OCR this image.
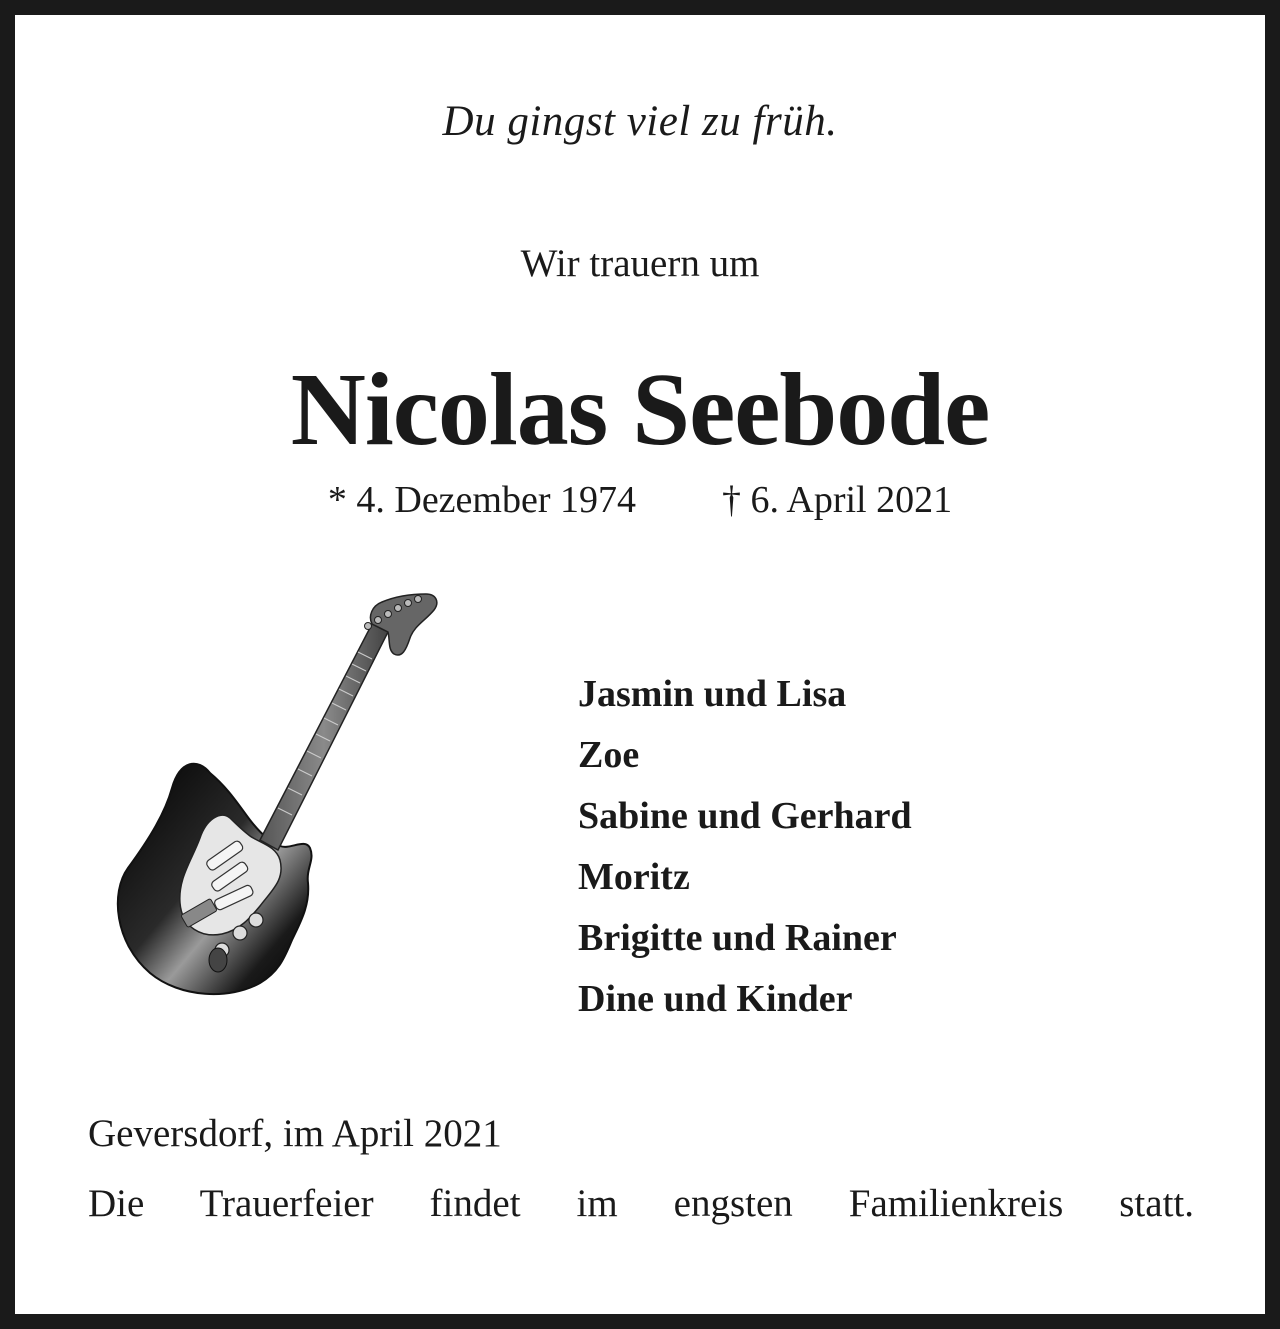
Du gingst viel zu früh.
Wir trauern um
Nicolas Seebode
* 4. Dezember 1974 † 6. April 2021
Jasmin und Lisa
Zoe
Sabine und Gerhard
Moritz
Brigitte und Rainer
Dine und Kinder
Geversdorf, im April 2021
Die Trauerfeier findet im engsten Familienkreis statt.
